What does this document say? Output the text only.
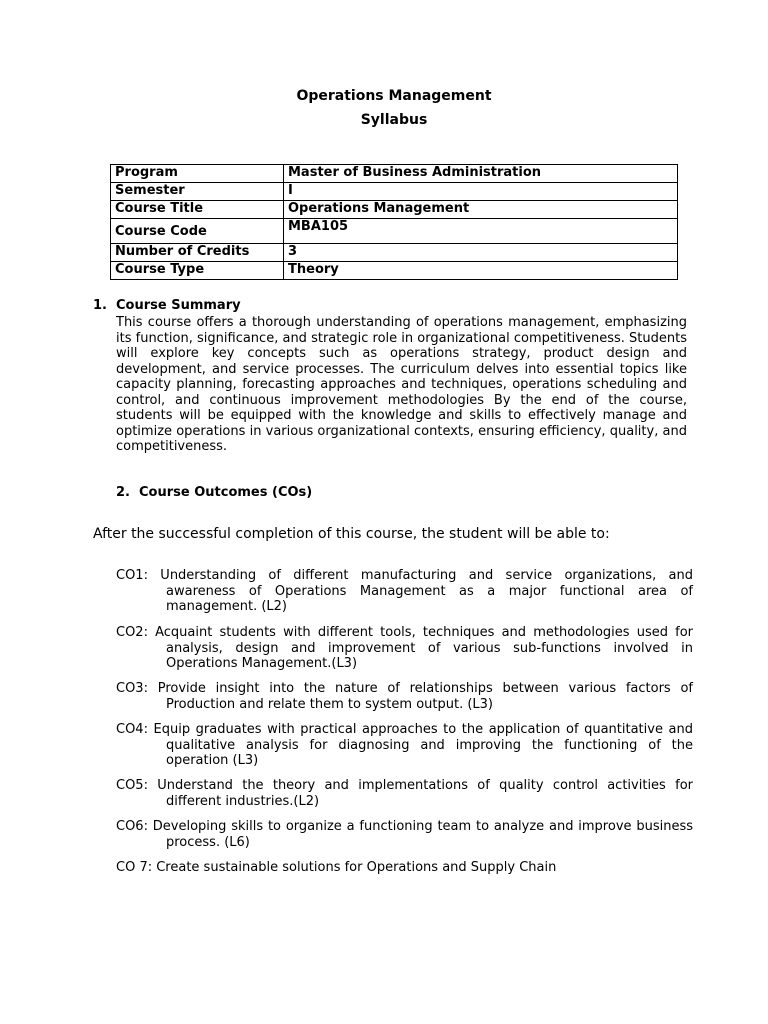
Operations Management
Syllabus
Program	Master of Business Administration
Semester	I
Course Title	Operations Management
Course Code	MBA105
Number of Credits	3
Course Type	Theory
1. Course Summary
This course offers a thorough understanding of operations management, emphasizing its function, significance, and strategic role in organizational competitiveness. Students will explore key concepts such as operations strategy, product design and development, and service processes. The curriculum delves into essential topics like capacity planning, forecasting approaches and techniques, operations scheduling and control, and continuous improvement methodologies By the end of the course, students will be equipped with the knowledge and skills to effectively manage and optimize operations in various organizational contexts, ensuring efficiency, quality, and competitiveness.
2. Course Outcomes (COs)
After the successful completion of this course, the student will be able to:
CO1: Understanding of different manufacturing and service organizations, and awareness of Operations Management as a major functional area of management. (L2)
CO2: Acquaint students with different tools, techniques and methodologies used for analysis, design and improvement of various sub-functions involved in Operations Management.(L3)
CO3: Provide insight into the nature of relationships between various factors of Production and relate them to system output. (L3)
CO4: Equip graduates with practical approaches to the application of quantitative and qualitative analysis for diagnosing and improving the functioning of the operation (L3)
CO5: Understand the theory and implementations of quality control activities for different industries.(L2)
CO6: Developing skills to organize a functioning team to analyze and improve business process. (L6)
CO 7: Create sustainable solutions for Operations and Supply Chain
